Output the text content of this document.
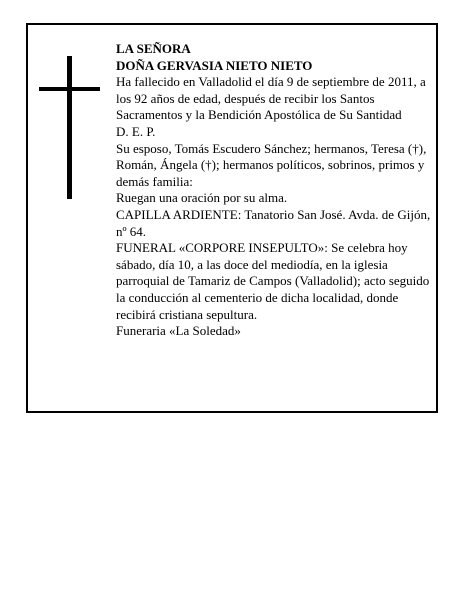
LA SEÑORA

DOÑA GERVASIA NIETO NIETO

Ha fallecido en Valladolid el día 9 de septiembre de 2011, a los 92 años de edad, después de recibir los Santos Sacramentos y la Bendición Apostólica de Su Santidad

D. E. P.

Su esposo, Tomás Escudero Sánchez; hermanos, Teresa (†), Román, Ángela (†); hermanos políticos, sobrinos, primos y demás familia:

Ruegan una oración por su alma.

CAPILLA ARDIENTE: Tanatorio San José. Avda. de Gijón, nº 64.

FUNERAL «CORPORE INSEPULTO»: Se celebra hoy sábado, día 10, a las doce del mediodía, en la iglesia parroquial de Tamariz de Campos (Valladolid); acto seguido la conducción al cementerio de dicha localidad, donde recibirá cristiana sepultura.

Funeraria «La Soledad»
